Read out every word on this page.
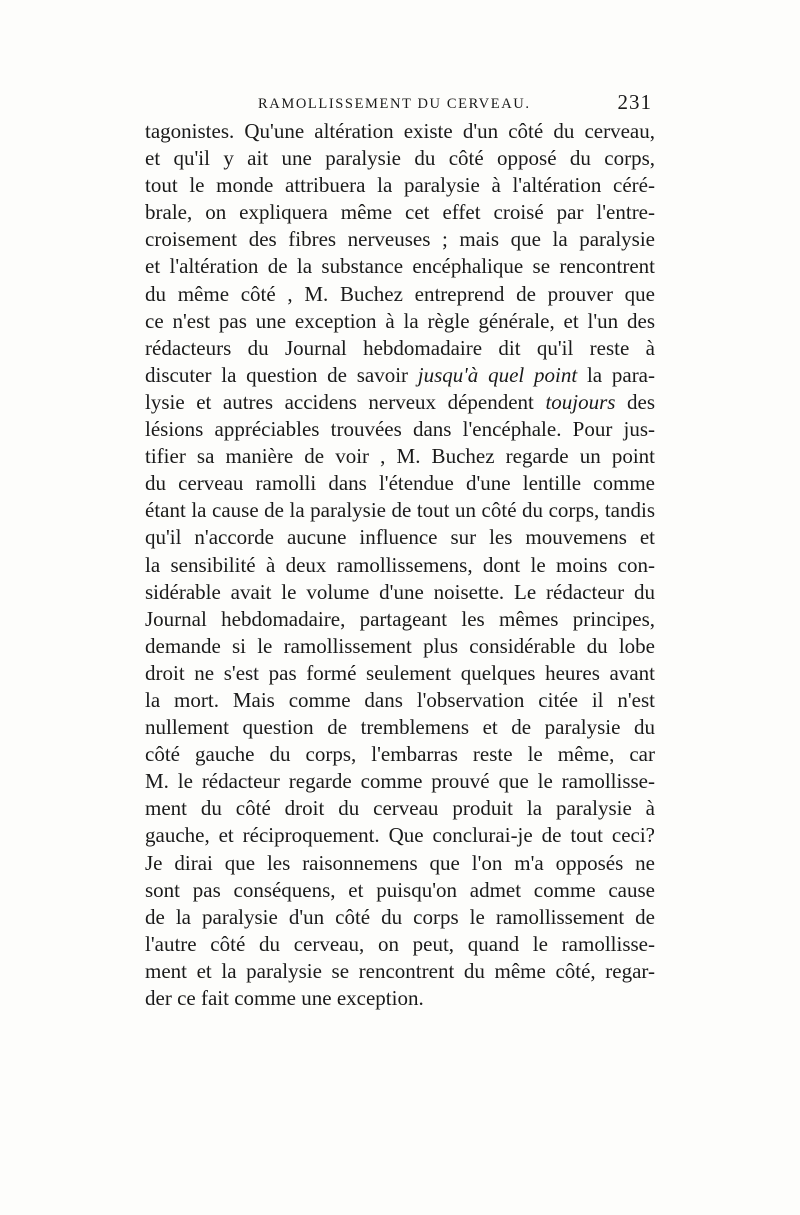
RAMOLLISSEMENT DU CERVEAU.	231
tagonistes. Qu'une altération existe d'un côté du cerveau,
et qu'il y ait une paralysie du côté opposé du corps,
tout le monde attribuera la paralysie à l'altération céré-
brale, on expliquera même cet effet croisé par l'entre-
croisement des fibres nerveuses ; mais que la paralysie
et l'altération de la substance encéphalique se rencontrent
du même côté , M. Buchez entreprend de prouver que
ce n'est pas une exception à la règle générale, et l'un des
rédacteurs du Journal hebdomadaire dit qu'il reste à
discuter la question de savoir jusqu'à quel point la para-
lysie et autres accidens nerveux dépendent toujours des
lésions appréciables trouvées dans l'encéphale. Pour jus-
tifier sa manière de voir , M. Buchez regarde un point
du cerveau ramolli dans l'étendue d'une lentille comme
étant la cause de la paralysie de tout un côté du corps, tandis
qu'il n'accorde aucune influence sur les mouvemens et
la sensibilité à deux ramollissemens, dont le moins con-
sidérable avait le volume d'une noisette. Le rédacteur du
Journal hebdomadaire, partageant les mêmes principes,
demande si le ramollissement plus considérable du lobe
droit ne s'est pas formé seulement quelques heures avant
la mort. Mais comme dans l'observation citée il n'est
nullement question de tremblemens et de paralysie du
côté gauche du corps, l'embarras reste le même, car
M. le rédacteur regarde comme prouvé que le ramollisse-
ment du côté droit du cerveau produit la paralysie à
gauche, et réciproquement. Que conclurai-je de tout ceci?
Je dirai que les raisonnemens que l'on m'a opposés ne
sont pas conséquens, et puisqu'on admet comme cause
de la paralysie d'un côté du corps le ramollissement de
l'autre côté du cerveau, on peut, quand le ramollisse-
ment et la paralysie se rencontrent du même côté, regar-
der ce fait comme une exception.
